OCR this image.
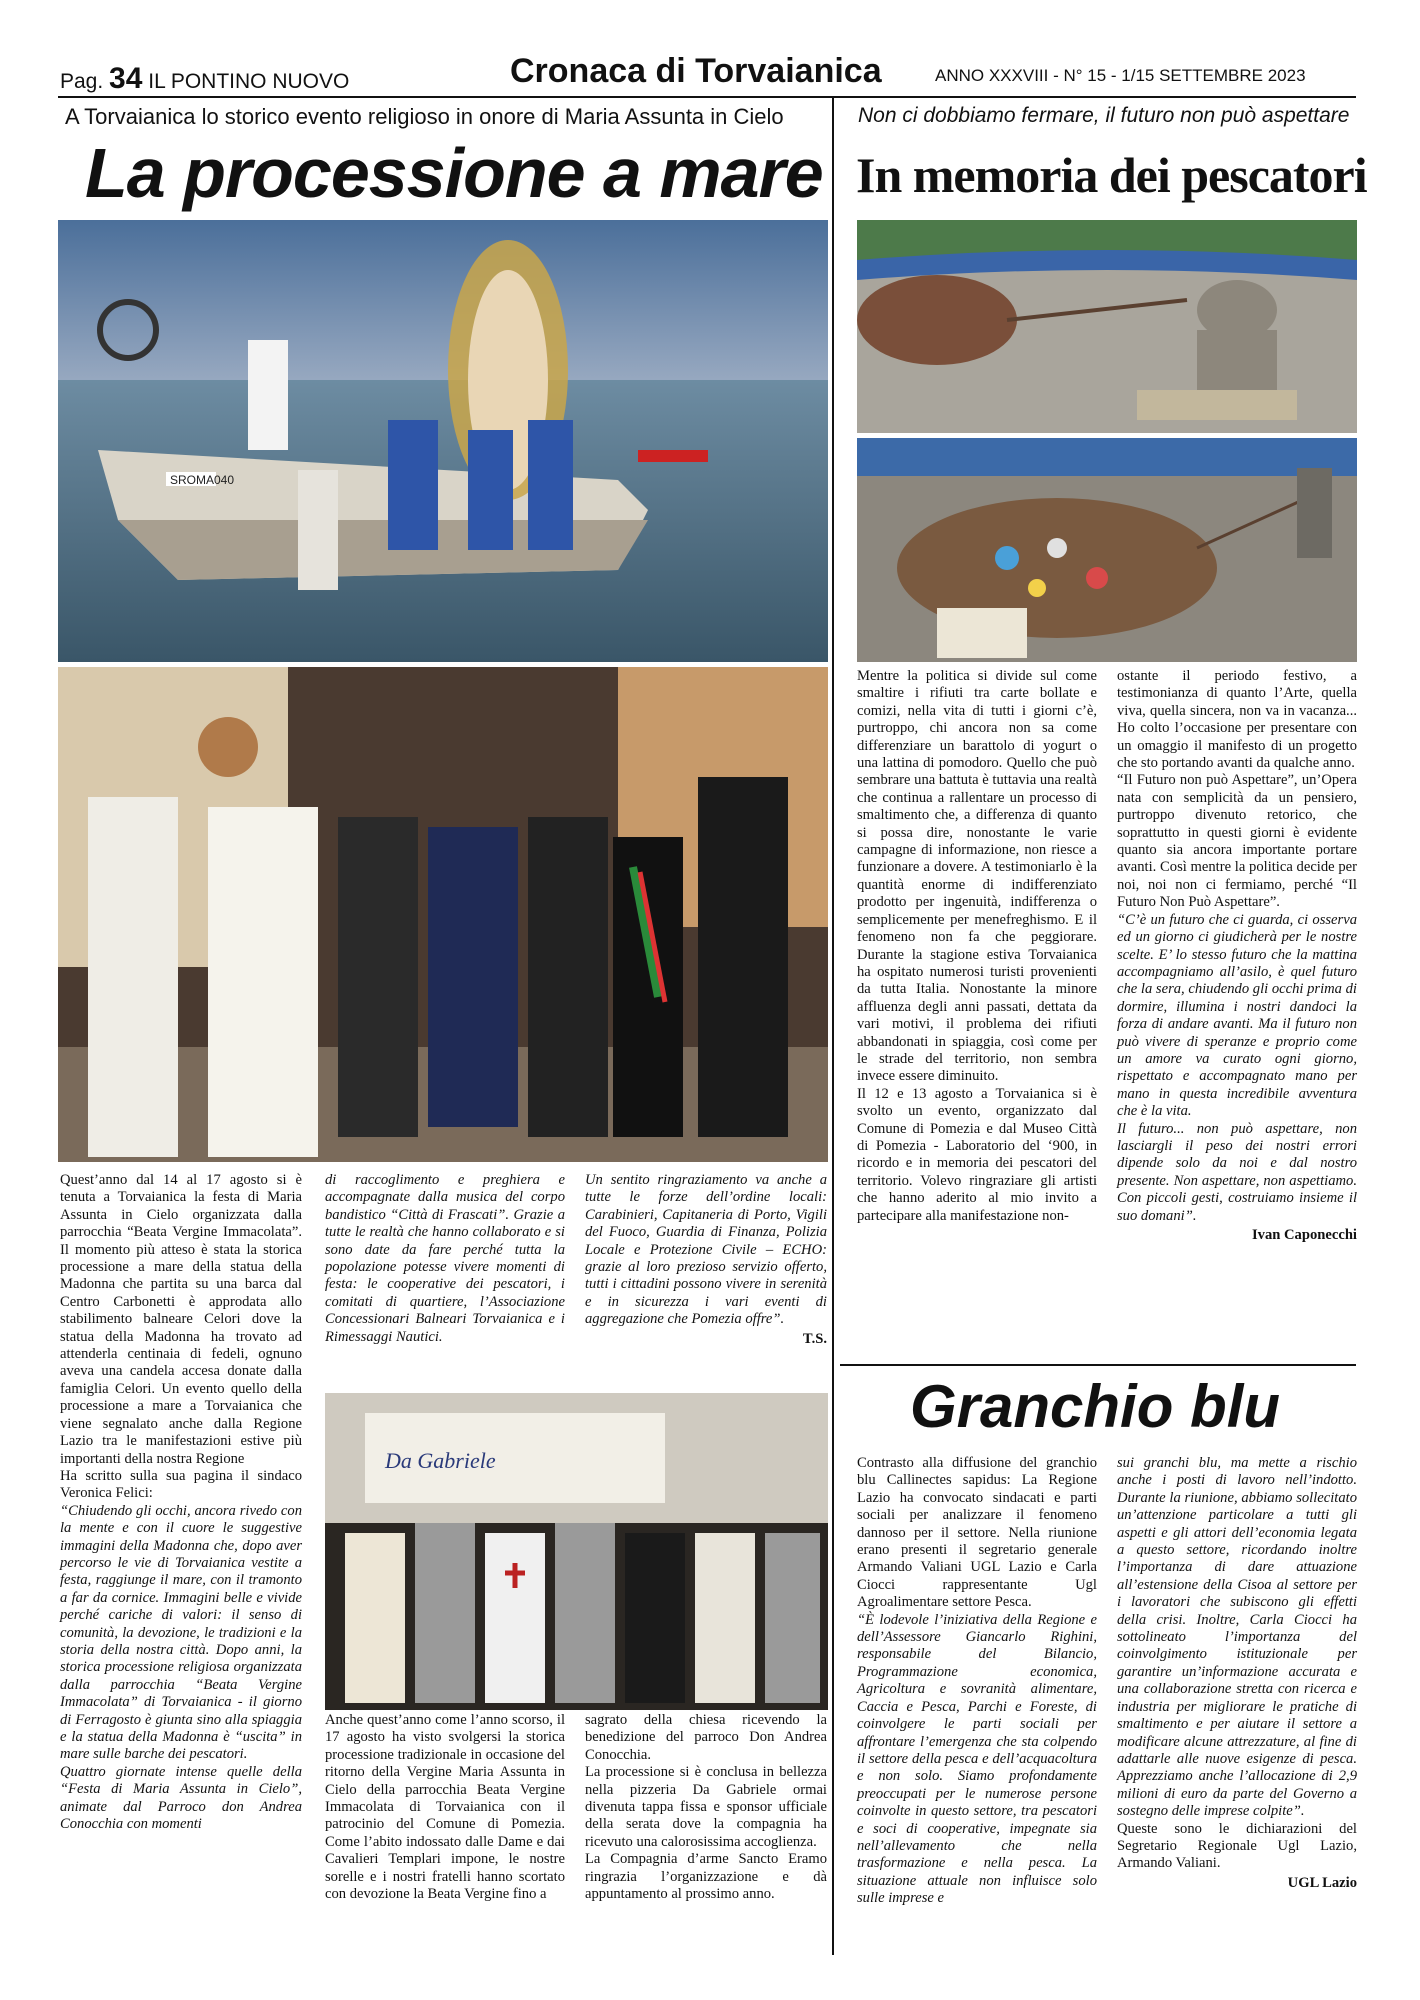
Pag. 34 IL PONTINO NUOVO	Cronaca di Torvaianica	ANNO XXXVIII - N° 15 - 1/15 SETTEMBRE 2023
A Torvaianica lo storico evento religioso in onore di Maria Assunta in Cielo
La processione a mare
Non ci dobbiamo fermare, il futuro non può aspettare
In memoria dei pescatori
SROMA040
Da Gabriele

Quest’anno dal 14 al 17 agosto si è tenuta a Torvaianica la festa di Maria Assunta in Cielo organizzata dalla parrocchia “Beata Vergine Immacolata”. Il momento più atteso è stata la storica processione a mare della statua della Madonna che partita su una barca dal Centro Carbonetti è approdata allo stabilimento balneare Celori dove la statua della Madonna ha trovato ad attenderla centinaia di fedeli, ognuno aveva una candela accesa donate dalla famiglia Celori. Un evento quello della processione a mare a Torvaianica che viene segnalato anche dalla Regione Lazio tra le manifestazioni estive più importanti della nostra Regione

Ha scritto sulla sua pagina il sindaco Veronica Felici:

“Chiudendo gli occhi, ancora rivedo con la mente e con il cuore le suggestive immagini della Madonna che, dopo aver percorso le vie di Torvaianica vestite a festa, raggiunge il mare, con il tramonto a far da cornice. Immagini belle e vivide perché cariche di valori: il senso di comunità, la devozione, le tradizioni e la storia della nostra città. Dopo anni, la storica processione religiosa organizzata dalla parrocchia “Beata Vergine Immacolata” di Torvaianica - il giorno di Ferragosto è giunta sino alla spiaggia e la statua della Madonna è “uscita” in mare sulle barche dei pescatori.

Quattro giornate intense quelle della “Festa di Maria Assunta in Cielo”, animate dal Parroco don Andrea Conocchia con momenti

di raccoglimento e preghiera e accompagnate dalla musica del corpo bandistico “Città di Frascati”. Grazie a tutte le realtà che hanno collaborato e si sono date da fare perché tutta la popolazione potesse vivere momenti di festa: le cooperative dei pescatori, i comitati di quartiere, l’Associazione Concessionari Balneari Torvaianica e i Rimessaggi Nautici.

Un sentito ringraziamento va anche a tutte le forze dell’ordine locali: Carabinieri, Capitaneria di Porto, Vigili del Fuoco, Guardia di Finanza, Polizia Locale e Protezione Civile – ECHO: grazie al loro prezioso servizio offerto, tutti i cittadini possono vivere in serenità e in sicurezza i vari eventi di aggregazione che Pomezia offre”.

T.S.

Anche quest’anno come l’anno scorso, il 17 agosto ha visto svolgersi la storica processione tradizionale in occasione del ritorno della Vergine Maria Assunta in Cielo della parrocchia Beata Vergine Immacolata di Torvaianica con il patrocinio del Comune di Pomezia. Come l’abito indossato dalle Dame e dai Cavalieri Templari impone, le nostre sorelle e i nostri fratelli hanno scortato con devozione la Beata Vergine fino a

sagrato della chiesa ricevendo la benedizione del parroco Don Andrea Conocchia.

La processione si è conclusa in bellezza nella pizzeria Da Gabriele ormai divenuta tappa fissa e sponsor ufficiale della serata dove la compagnia ha ricevuto una calorosissima accoglienza.

La Compagnia d’arme Sancto Eramo ringrazia l’organizzazione e dà appuntamento al prossimo anno.

Mentre la politica si divide sul come smaltire i rifiuti tra carte bollate e comizi, nella vita di tutti i giorni c’è, purtroppo, chi ancora non sa come differenziare un barattolo di yogurt o una lattina di pomodoro. Quello che può sembrare una battuta è tuttavia una realtà che continua a rallentare un processo di smaltimento che, a differenza di quanto si possa dire, nonostante le varie campagne di informazione, non riesce a funzionare a dovere. A testimoniarlo è la quantità enorme di indifferenziato prodotto per ingenuità, indifferenza o semplicemente per menefreghismo. E il fenomeno non fa che peggiorare. Durante la stagione estiva Torvaianica ha ospitato numerosi turisti provenienti da tutta Italia. Nonostante la minore affluenza degli anni passati, dettata da vari motivi, il problema dei rifiuti abbandonati in spiaggia, così come per le strade del territorio, non sembra invece essere diminuito.

Il 12 e 13 agosto a Torvaianica si è svolto un evento, organizzato dal Comune di Pomezia e dal Museo Città di Pomezia - Laboratorio del ‘900, in ricordo e in memoria dei pescatori del territorio. Volevo ringraziare gli artisti che hanno aderito al mio invito a partecipare alla manifestazione non-

ostante il periodo festivo, a testimonianza di quanto l’Arte, quella viva, quella sincera, non va in vacanza... Ho colto l’occasione per presentare con un omaggio il manifesto di un progetto che sto portando avanti da qualche anno.

“Il Futuro non può Aspettare”, un’Opera nata con semplicità da un pensiero, purtroppo divenuto retorico, che soprattutto in questi giorni è evidente quanto sia ancora importante portare avanti. Così mentre la politica decide per noi, noi non ci fermiamo, perché “Il Futuro Non Può Aspettare”.

“C’è un futuro che ci guarda, ci osserva ed un giorno ci giudicherà per le nostre scelte. E’ lo stesso futuro che la mattina accompagniamo all’asilo, è quel futuro che la sera, chiudendo gli occhi prima di dormire, illumina i nostri dandoci la forza di andare avanti. Ma il futuro non può vivere di speranze e proprio come un amore va curato ogni giorno, rispettato e accompagnato mano per mano in questa incredibile avventura che è la vita.

Il futuro... non può aspettare, non lasciargli il peso dei nostri errori dipende solo da noi e dal nostro presente. Non aspettare, non aspettiamo. Con piccoli gesti, costruiamo insieme il suo domani”.

Ivan Caponecchi
Granchio blu

Contrasto alla diffusione del granchio blu Callinectes sapidus: La Regione Lazio ha convocato sindacati e parti sociali per analizzare il fenomeno dannoso per il settore. Nella riunione erano presenti il segretario generale Armando Valiani UGL Lazio e Carla Ciocci rappresentante Ugl Agroalimentare settore Pesca.

“È lodevole l’iniziativa della Regione e dell’Assessore Giancarlo Righini, responsabile del Bilancio, Programmazione economica, Agricoltura e sovranità alimentare, Caccia e Pesca, Parchi e Foreste, di coinvolgere le parti sociali per affrontare l’emergenza che sta colpendo il settore della pesca e dell’acquacoltura e non solo. Siamo profondamente preoccupati per le numerose persone coinvolte in questo settore, tra pescatori e soci di cooperative, impegnate sia nell’allevamento che nella trasformazione e nella pesca. La situazione attuale non influisce solo sulle imprese e

sui granchi blu, ma mette a rischio anche i posti di lavoro nell’indotto. Durante la riunione, abbiamo sollecitato un’attenzione particolare a tutti gli aspetti e gli attori dell’economia legata a questo settore, ricordando inoltre l’importanza di dare attuazione all’estensione della Cisoa al settore per i lavoratori che subiscono gli effetti della crisi. Inoltre, Carla Ciocci ha sottolineato l’importanza del coinvolgimento istituzionale per garantire un’informazione accurata e una collaborazione stretta con ricerca e industria per migliorare le pratiche di smaltimento e per aiutare il settore a modificare alcune attrezzature, al fine di adattarle alle nuove esigenze di pesca. Apprezziamo anche l’allocazione di 2,9 milioni di euro da parte del Governo a sostegno delle imprese colpite”.

Queste sono le dichiarazioni del Segretario Regionale Ugl Lazio, Armando Valiani.

UGL Lazio
